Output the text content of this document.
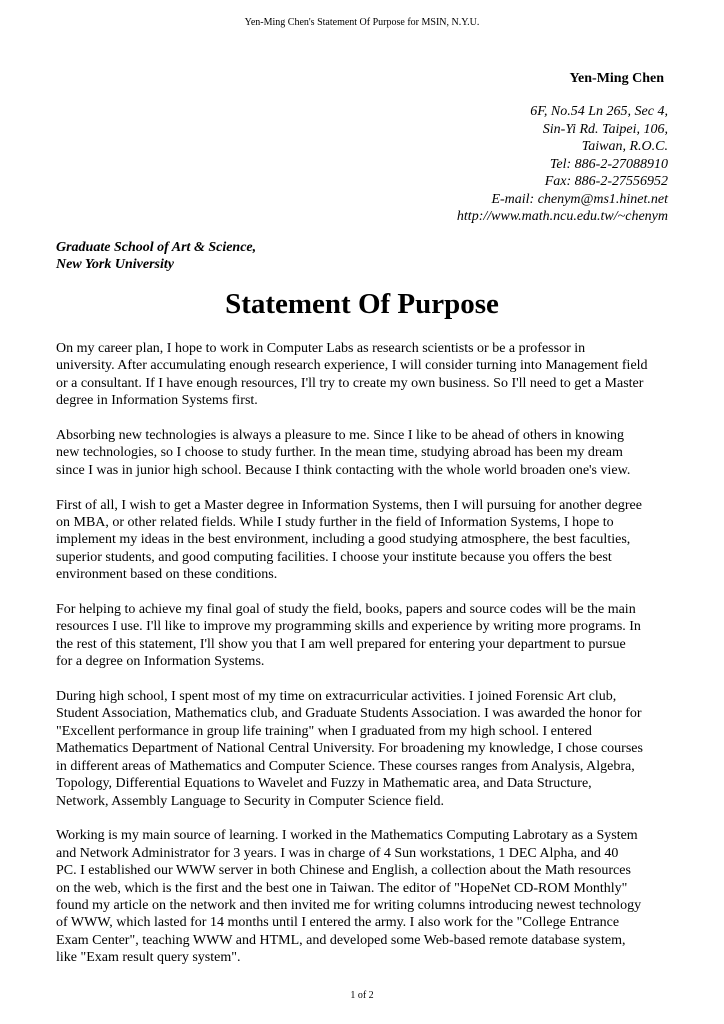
Yen-Ming Chen's Statement Of Purpose for MSIN, N.Y.U.
Yen-Ming Chen
6F, No.54 Ln 265, Sec 4,
Sin-Yi Rd. Taipei, 106,
Taiwan, R.O.C.
Tel: 886-2-27088910
Fax: 886-2-27556952
E-mail: chenym@ms1.hinet.net
http://www.math.ncu.edu.tw/~chenym
Graduate School of Art & Science,
New York University
Statement Of Purpose

On my career plan, I hope to work in Computer Labs as research scientists or be a professor in
university. After accumulating enough research experience, I will consider turning into Management field
or a consultant. If I have enough resources, I'll try to create my own business. So I'll need to get a Master
degree in Information Systems first.

Absorbing new technologies is always a pleasure to me. Since I like to be ahead of others in knowing
new technologies, so I choose to study further. In the mean time, studying abroad has been my dream
since I was in junior high school. Because I think contacting with the whole world broaden one's view.

First of all, I wish to get a Master degree in Information Systems, then I will pursuing for another degree
on MBA, or other related fields. While I study further in the field of Information Systems, I hope to
implement my ideas in the best environment, including a good studying atmosphere, the best faculties,
superior students, and good computing facilities. I choose your institute because you offers the best
environment based on these conditions.

For helping to achieve my final goal of study the field, books, papers and source codes will be the main
resources I use. I'll like to improve my programming skills and experience by writing more programs. In
the rest of this statement, I'll show you that I am well prepared for entering your department to pursue
for a degree on Information Systems.

During high school, I spent most of my time on extracurricular activities. I joined Forensic Art club,
Student Association, Mathematics club, and Graduate Students Association. I was awarded the honor for
"Excellent performance in group life training" when I graduated from my high school. I entered
Mathematics Department of National Central University. For broadening my knowledge, I chose courses
in different areas of Mathematics and Computer Science. These courses ranges from Analysis, Algebra,
Topology, Differential Equations to Wavelet and Fuzzy in Mathematic area, and Data Structure,
Network, Assembly Language to Security in Computer Science field.

Working is my main source of learning. I worked in the Mathematics Computing Labrotary as a System
and Network Administrator for 3 years. I was in charge of 4 Sun workstations, 1 DEC Alpha, and 40
PC. I established our WWW server in both Chinese and English, a collection about the Math resources
on the web, which is the first and the best one in Taiwan. The editor of "HopeNet CD-ROM Monthly"
found my article on the network and then invited me for writing columns introducing newest technology
of WWW, which lasted for 14 months until I entered the army. I also work for the "College Entrance
Exam Center", teaching WWW and HTML, and developed some Web-based remote database system,
like "Exam result query system".

1 of 2
